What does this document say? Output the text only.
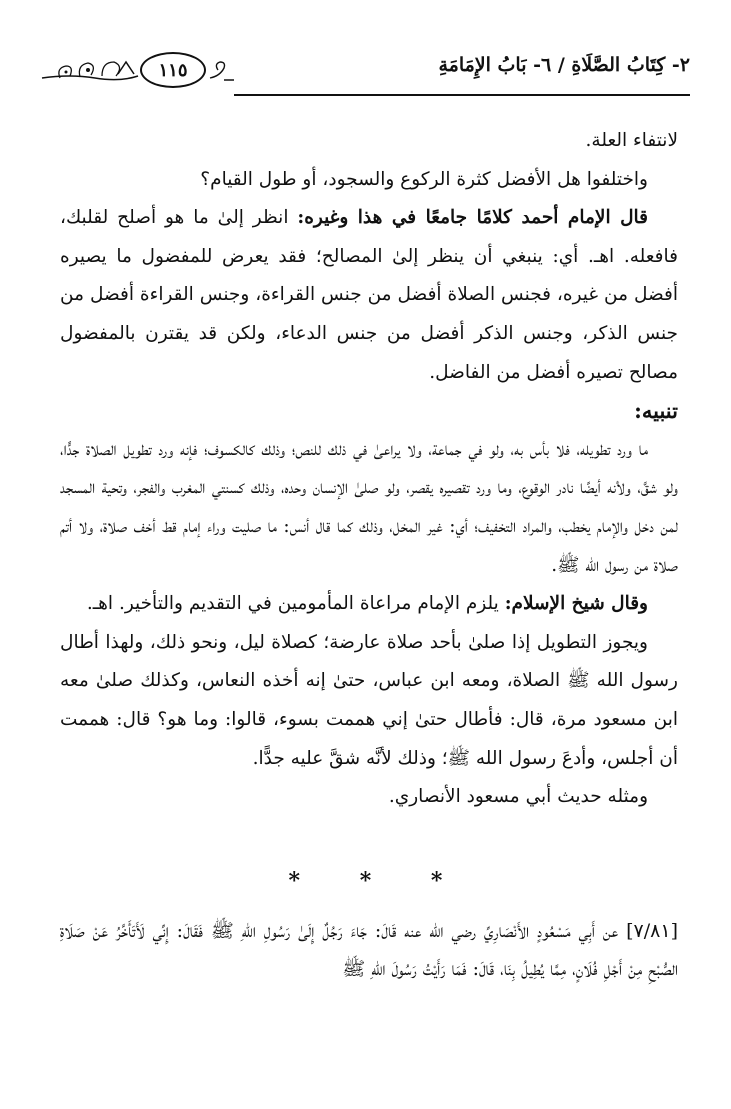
١١٥	٢- كِتَابُ الصَّلَاةِ / ٦- بَابُ الإِمَامَةِ

لانتفاء العلة.

واختلفوا هل الأفضل كثرة الركوع والسجود، أو طول القيام؟

قال الإمام أحمد كلامًا جامعًا في هذا وغيره: انظر إلىٰ ما هو أصلح لقلبك، فافعله. اهـ. أي: ينبغي أن ينظر إلىٰ المصالح؛ فقد يعرض للمفضول ما يصيره أفضل من غيره، فجنس الصلاة أفضل من جنس القراءة، وجنس القراءة أفضل من جنس الذكر، وجنس الذكر أفضل من جنس الدعاء، ولكن قد يقترن بالمفضول مصالح تصيره أفضل من الفاضل.

تنبيه:

ما ورد تطويله، فلا بأس به، ولو في جماعة، ولا يراعىٰ في ذلك للنص؛ وذلك كالكسوف؛ فإنه ورد تطويل الصلاة جدًّا، ولو شقَّ، ولأنه أيضًا نادر الوقوع، وما ورد تقصيره يقصر، ولو صلىٰ الإنسان وحده، وذلك كسنتي المغرب والفجر، وتحية المسجد لمن دخل والإمام يخطب، والمراد التخفيف؛ أي: غير المخل، وذلك كما قال أنس: ما صليت وراء إمام قط أخف صلاة، ولا أتم صلاة من رسول الله ﷺ.

وقال شيخ الإسلام: يلزم الإمام مراعاة المأمومين في التقديم والتأخير. اهـ.

ويجوز التطويل إذا صلىٰ بأحد صلاة عارضة؛ كصلاة ليل، ونحو ذلك، ولهذا أطال رسول الله ﷺ الصلاة، ومعه ابن عباس، حتىٰ إنه أخذه النعاس، وكذلك صلىٰ معه ابن مسعود مرة، قال: فأطال حتىٰ إني هممت بسوء، قالوا: وما هو؟ قال: هممت أن أجلس، وأدعَ رسول الله ﷺ؛ وذلك لأنَّه شقَّ عليه جدًّا.

ومثله حديث أبي مسعود الأنصاري.

*	*	*

[٧/٨١] عن أَبِي مَسْعُودٍ الأَنْصَارِيِّ رضي الله عنه قَالَ: جَاءَ رَجُلٌ إِلَىٰ رَسُولِ اللهِ ﷺ فَقَالَ: إِنِّي لَأَتَأَخَّرُ عَنْ صَلَاةِ الصُّبْحِ مِنْ أَجْلِ فُلَانٍ، مِمَّا يُطِيلُ بِنَا، قَالَ: فَمَا رَأَيْتُ رَسُولَ اللهِ ﷺ
